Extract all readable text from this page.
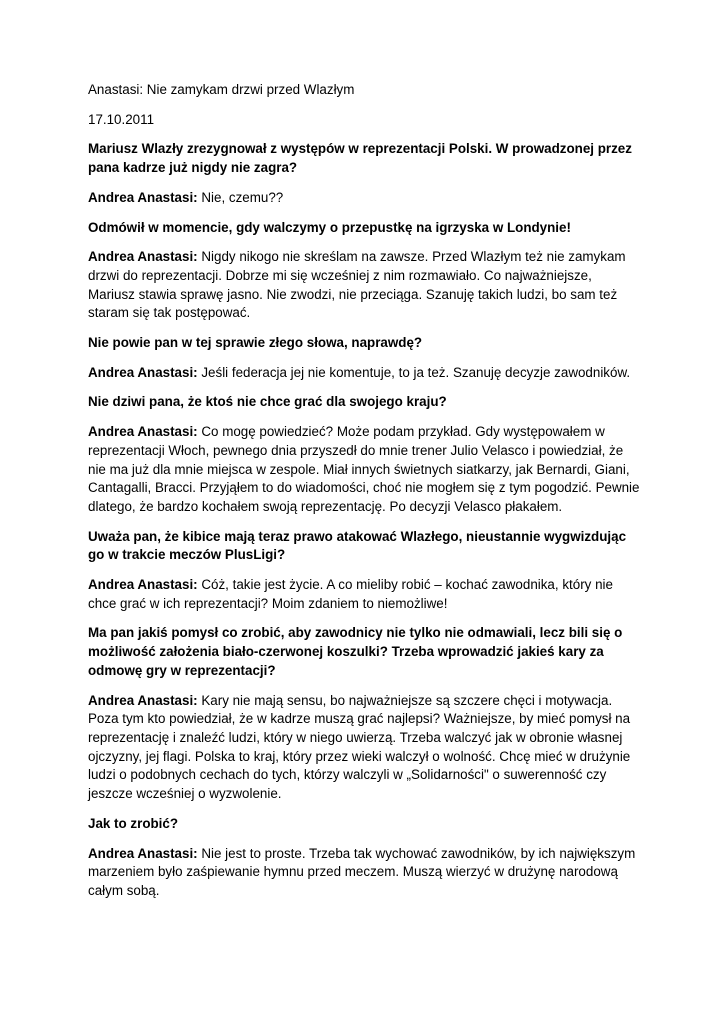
Anastasi: Nie zamykam drzwi przed Wlazłym

17.10.2011

Mariusz Wlazły zrezygnował z występów w reprezentacji Polski. W prowadzonej przez pana kadrze już nigdy nie zagra?

Andrea Anastasi: Nie, czemu??

Odmówił w momencie, gdy walczymy o przepustkę na igrzyska w Londynie!

Andrea Anastasi: Nigdy nikogo nie skreślam na zawsze. Przed Wlazłym też nie zamykam drzwi do reprezentacji. Dobrze mi się wcześniej z nim rozmawiało. Co najważniejsze, Mariusz stawia sprawę jasno. Nie zwodzi, nie przeciąga. Szanuję takich ludzi, bo sam też staram się tak postępować.

Nie powie pan w tej sprawie złego słowa, naprawdę?

Andrea Anastasi: Jeśli federacja jej nie komentuje, to ja też. Szanuję decyzje zawodników.

Nie dziwi pana, że ktoś nie chce grać dla swojego kraju?

Andrea Anastasi: Co mogę powiedzieć? Może podam przykład. Gdy występowałem w reprezentacji Włoch, pewnego dnia przyszedł do mnie trener Julio Velasco i powiedział, że nie ma już dla mnie miejsca w zespole. Miał innych świetnych siatkarzy, jak Bernardi, Giani, Cantagalli, Bracci. Przyjąłem to do wiadomości, choć nie mogłem się z tym pogodzić. Pewnie dlatego, że bardzo kochałem swoją reprezentację. Po decyzji Velasco płakałem.

Uważa pan, że kibice mają teraz prawo atakować Wlazłego, nieustannie wygwizdując go w trakcie meczów PlusLigi?

Andrea Anastasi: Cóż, takie jest życie. A co mieliby robić – kochać zawodnika, który nie chce grać w ich reprezentacji? Moim zdaniem to niemożliwe!

Ma pan jakiś pomysł co zrobić, aby zawodnicy nie tylko nie odmawiali, lecz bili się o możliwość założenia biało-czerwonej koszulki? Trzeba wprowadzić jakieś kary za odmowę gry w reprezentacji?

Andrea Anastasi: Kary nie mają sensu, bo najważniejsze są szczere chęci i motywacja. Poza tym kto powiedział, że w kadrze muszą grać najlepsi? Ważniejsze, by mieć pomysł na reprezentację i znaleźć ludzi, który w niego uwierzą. Trzeba walczyć jak w obronie własnej ojczyzny, jej flagi. Polska to kraj, który przez wieki walczył o wolność. Chcę mieć w drużynie ludzi o podobnych cechach do tych, którzy walczyli w „Solidarności" o suwerenność czy jeszcze wcześniej o wyzwolenie.

Jak to zrobić?

Andrea Anastasi: Nie jest to proste. Trzeba tak wychować zawodników, by ich największym marzeniem było zaśpiewanie hymnu przed meczem. Muszą wierzyć w drużynę narodową całym sobą.
